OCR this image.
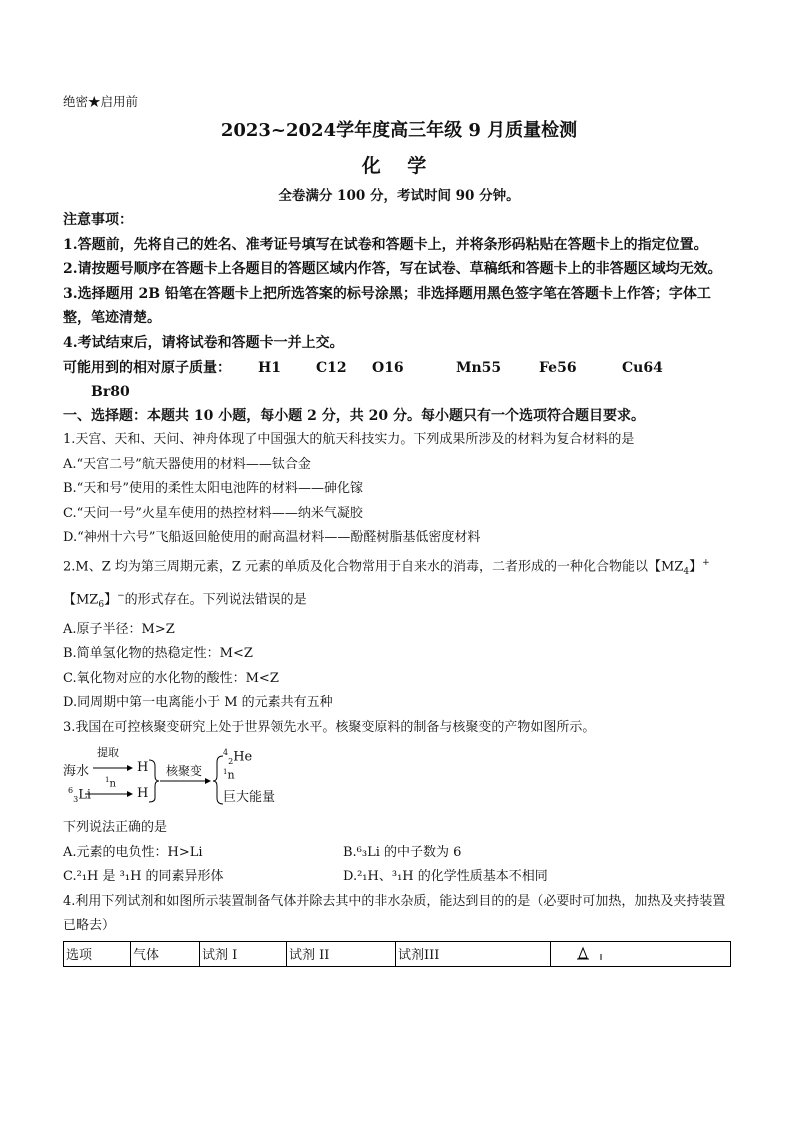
绝密★启用前
2023~2024学年度高三年级 9 月质量检测
化 学
全卷满分 100 分，考试时间 90 分钟。
注意事项：
1.答题前，先将自己的姓名、准考证号填写在试卷和答题卡上，并将条形码粘贴在答题卡上的指定位置。
2.请按题号顺序在答题卡上各题目的答题区域内作答，写在试卷、草稿纸和答题卡上的非答题区域均无效。
3.选择题用 2B 铅笔在答题卡上把所选答案的标号涂黑；非选择题用黑色签字笔在答题卡上作答；字体工整，笔迹清楚。
4.考试结束后，请将试卷和答题卡一并上交。
可能用到的相对原子质量：	H1	C12	O16	Mn55	Fe56	Cu64
Br80
一、选择题：本题共 10 小题，每小题 2 分，共 20 分。每小题只有一个选项符合题目要求。
1.天宫、天和、天问、神舟体现了中国强大的航天科技实力。下列成果所涉及的材料为复合材料的是
A.“天宫二号”航天器使用的材料——钛合金
B.“天和号”使用的柔性太阳电池阵的材料——砷化镓
C.“天问一号”火星车使用的热控材料——纳米气凝胶
D.“神州十六号”飞船返回舱使用的耐高温材料——酚醛树脂基低密度材料
2.M、Z 均为第三周期元素，Z 元素的单质及化合物常用于自来水的消毒，二者形成的一种化合物能以【$MZ_4$】+
【$MZ_6$】−的形式存在。下列说法错误的是
A.原子半径：M>Z
B.简单氢化物的热稳定性：M<Z
C.氧化物对应的水化物的酸性：M<Z
D.同周期中第一电离能小于 M 的元素共有五种
3.我国在可控核聚变研究上处于世界领先水平。核聚变原料的制备与核聚变的产物如图所示。
海水
提取
H
$^6_3$Li
$^1$n
H
核聚变
$^4_2$He
$^1$n
巨大能量
下列说法正确的是
A.元素的电负性：H>Li	B.⁶₃Li 的中子数为 6
C.²₁H 是 ³₁H 的同素异形体	D.²₁H、³₁H 的化学性质基本不相同
4.利用下列试剂和如图所示装置制备气体并除去其中的非水杂质，能达到目的的是（必要时可加热，加热及夹持装置已略去）
选项	气体	试剂 I	试剂 II	试剂III	
